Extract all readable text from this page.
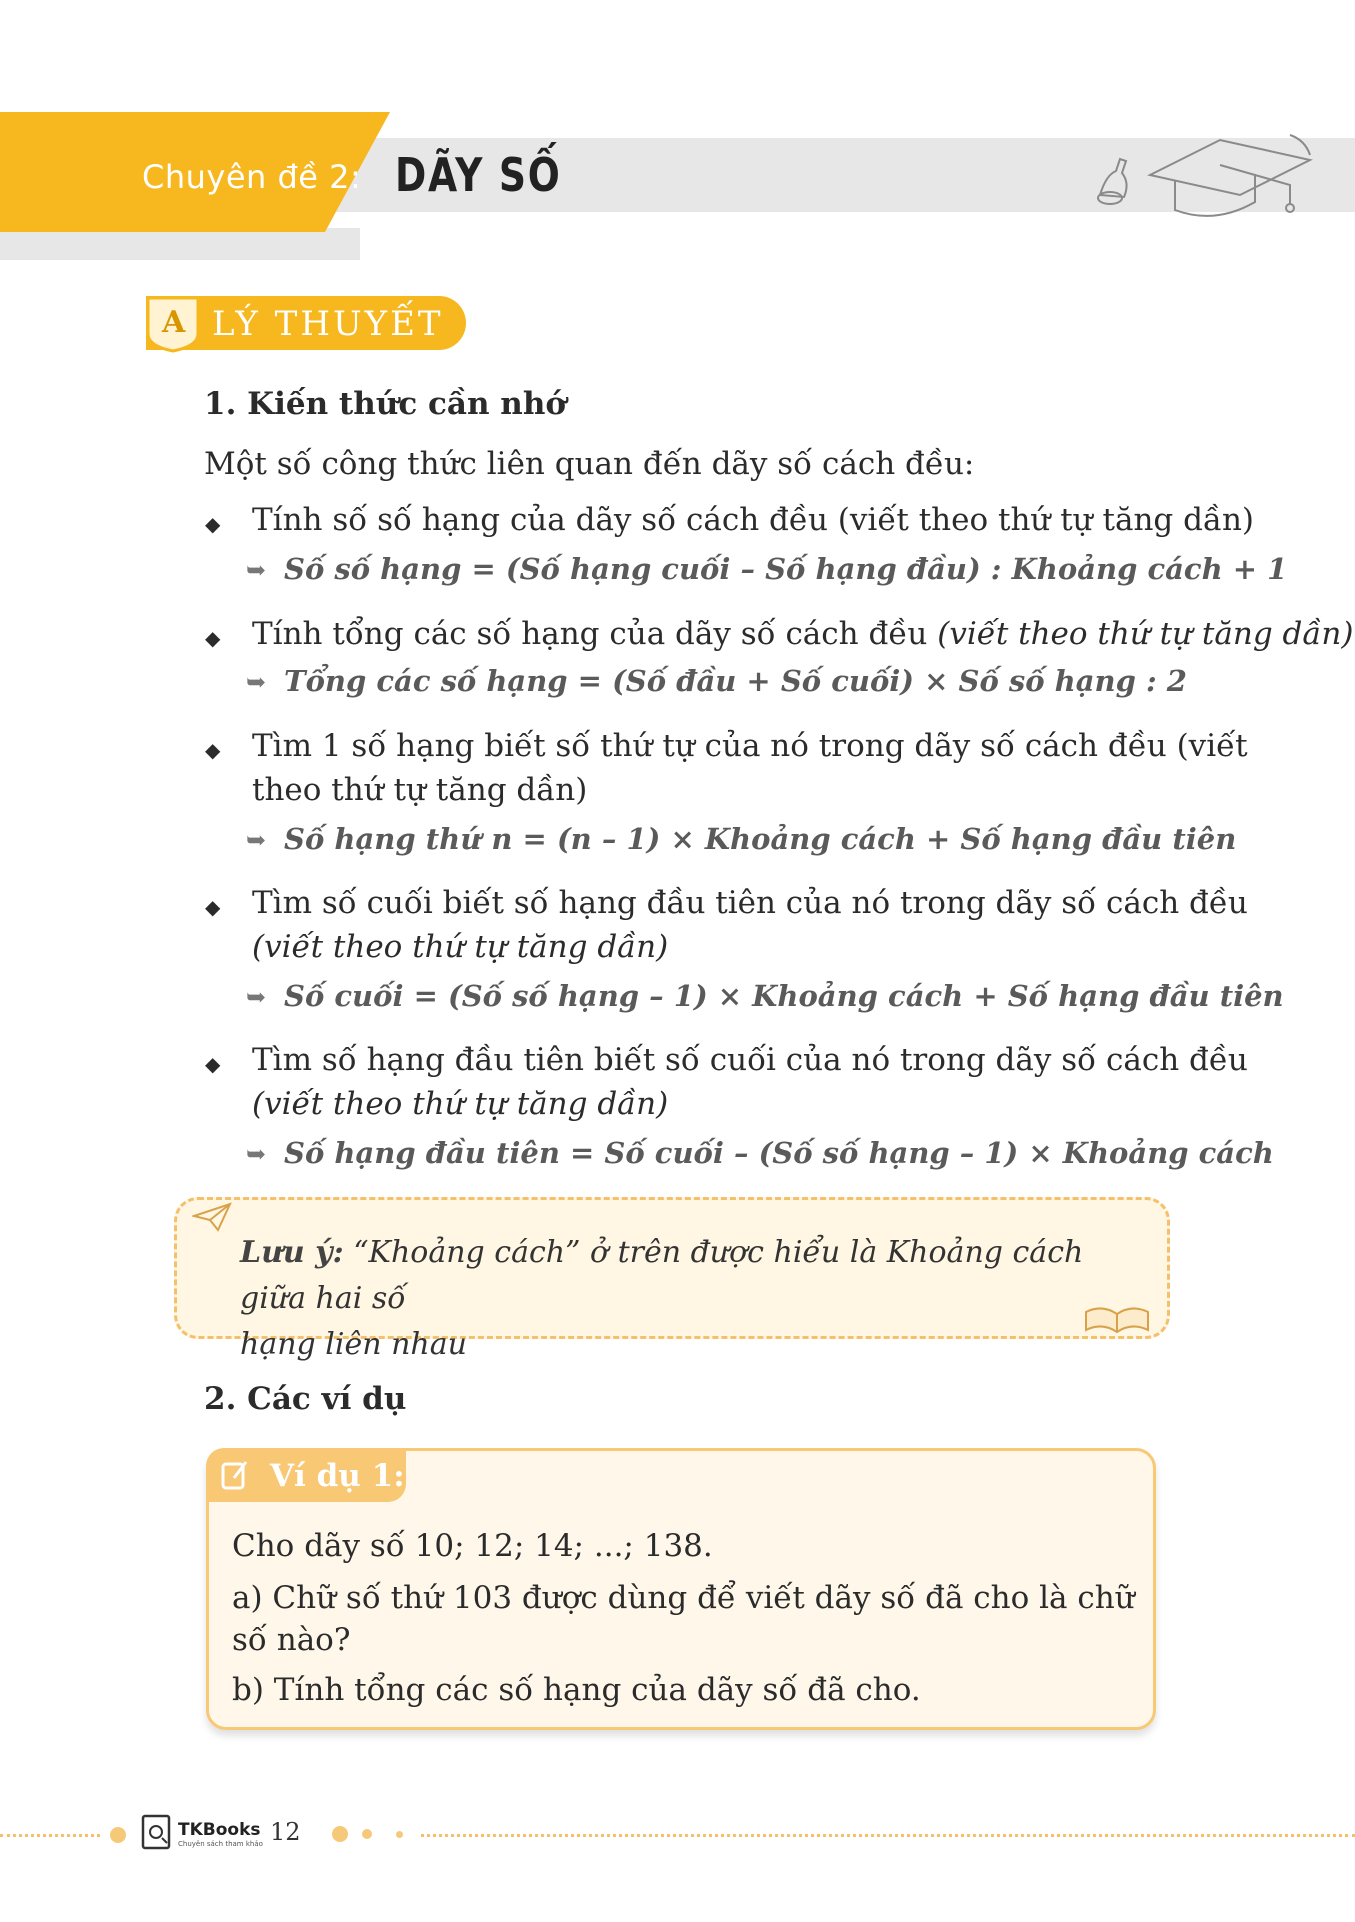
Chuyên đề 2: DÃY SỐ
A LÝ THUYẾT
1. Kiến thức cần nhớ
Một số công thức liên quan đến dãy số cách đều:
◆ Tính số số hạng của dãy số cách đều (viết theo thứ tự tăng dần)
➥ Số số hạng = (Số hạng cuối – Số hạng đầu) : Khoảng cách + 1
◆ Tính tổng các số hạng của dãy số cách đều (viết theo thứ tự tăng dần)
➥ Tổng các số hạng = (Số đầu + Số cuối) × Số số hạng : 2
◆ Tìm 1 số hạng biết số thứ tự của nó trong dãy số cách đều (viết
theo thứ tự tăng dần)
➥ Số hạng thứ n = (n – 1) × Khoảng cách + Số hạng đầu tiên
◆ Tìm số cuối biết số hạng đầu tiên của nó trong dãy số cách đều
(viết theo thứ tự tăng dần)
➥ Số cuối = (Số số hạng – 1) × Khoảng cách + Số hạng đầu tiên
◆ Tìm số hạng đầu tiên biết số cuối của nó trong dãy số cách đều
(viết theo thứ tự tăng dần)
➥ Số hạng đầu tiên = Số cuối – (Số số hạng – 1) × Khoảng cách
Lưu ý: “Khoảng cách” ở trên được hiểu là Khoảng cách giữa hai số
hạng liên nhau
2. Các ví dụ
Ví dụ 1:
Cho dãy số 10; 12; 14; ...; 138.
a) Chữ số thứ 103 được dùng để viết dãy số đã cho là chữ
số nào?
b) Tính tổng các số hạng của dãy số đã cho.
TKBooks
Chuyên sách tham khảo 12
